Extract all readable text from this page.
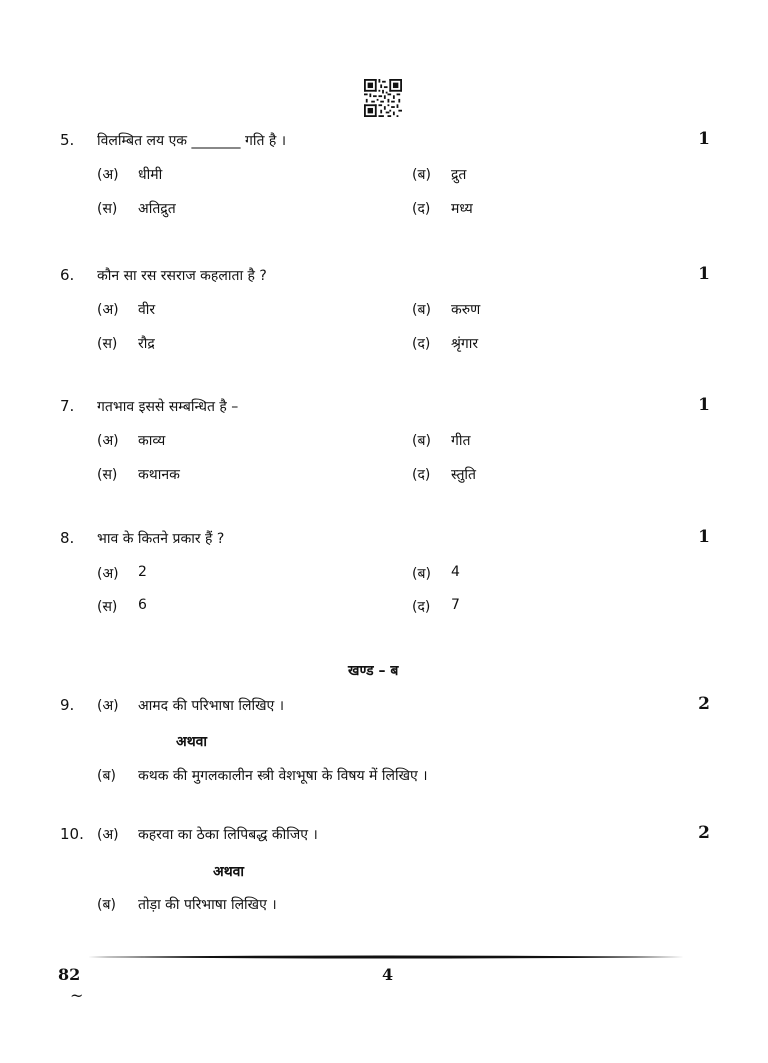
5. विलम्बित लय एक _______ गति है ।	1
(अ) धीमी	(ब) द्रुत
(स) अतिद्रुत	(द) मध्य
6. कौन सा रस रसराज कहलाता है ?	1
(अ) वीर	(ब) करुण
(स) रौद्र	(द) श्रृंगार
7. गतभाव इससे सम्बन्धित है –	1
(अ) काव्य	(ब) गीत
(स) कथानक	(द) स्तुति
8. भाव के कितने प्रकार हैं ?	1
(अ) 2	(ब) 4
(स) 6	(द) 7
खण्ड – ब
9. (अ) आमद की परिभाषा लिखिए ।	2
अथवा
(ब) कथक की मुगलकालीन स्त्री वेशभूषा के विषय में लिखिए ।
10. (अ) कहरवा का ठेका लिपिबद्ध कीजिए ।	2
अथवा
(ब) तोड़ा की परिभाषा लिखिए ।
82	4
~
